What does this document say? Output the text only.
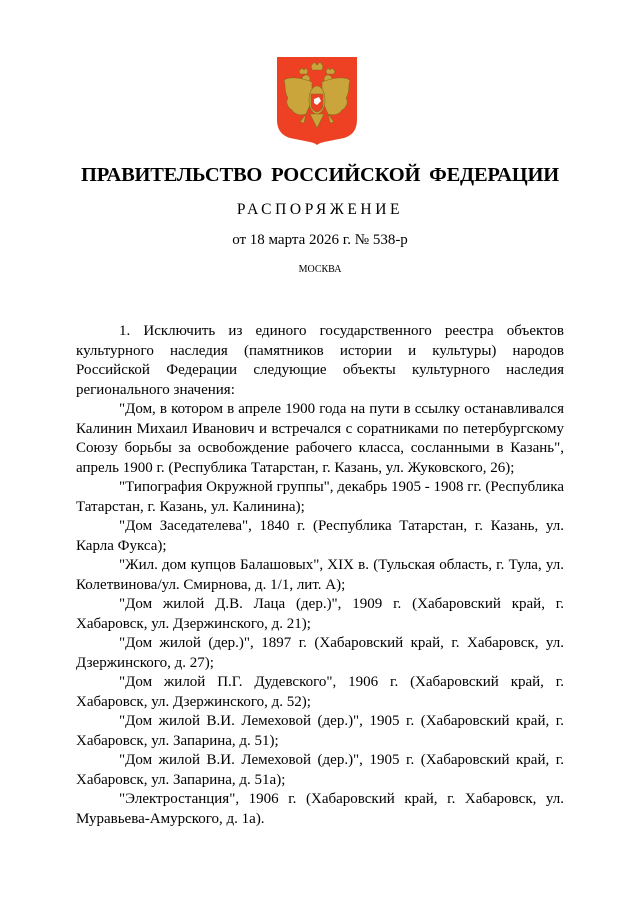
ПРАВИТЕЛЬСТВО РОССИЙСКОЙ ФЕДЕРАЦИИ
РАСПОРЯЖЕНИЕ
от 18 марта 2026 г. № 538-р
МОСКВА

1. Исключить из единого государственного реестра объектов культурного наследия (памятников истории и культуры) народов Российской Федерации следующие объекты культурного наследия регионального значения:

"Дом, в котором в апреле 1900 года на пути в ссылку останавливался Калинин Михаил Иванович и встречался с соратниками по петербургскому Союзу борьбы за освобождение рабочего класса, сосланными в Казань", апрель 1900 г. (Республика Татарстан, г. Казань, ул. Жуковского, 26);

"Типография Окружной группы", декабрь 1905 - 1908 гг. (Республика Татарстан, г. Казань, ул. Калинина);

"Дом Заседателева", 1840 г. (Республика Татарстан, г. Казань, ул. Карла Фукса);

"Жил. дом купцов Балашовых", XIX в. (Тульская область, г. Тула, ул. Колетвинова/ул. Смирнова, д. 1/1, лит. А);

"Дом жилой Д.В. Лаца (дер.)", 1909 г. (Хабаровский край, г. Хабаровск, ул. Дзержинского, д. 21);

"Дом жилой (дер.)", 1897 г. (Хабаровский край, г. Хабаровск, ул. Дзержинского, д. 27);

"Дом жилой П.Г. Дудевского", 1906 г. (Хабаровский край, г. Хабаровск, ул. Дзержинского, д. 52);

"Дом жилой В.И. Лемеховой (дер.)", 1905 г. (Хабаровский край, г. Хабаровск, ул. Запарина, д. 51);

"Дом жилой В.И. Лемеховой (дер.)", 1905 г. (Хабаровский край, г. Хабаровск, ул. Запарина, д. 51а);

"Электростанция", 1906 г. (Хабаровский край, г. Хабаровск, ул. Муравьева-Амурского, д. 1а).
